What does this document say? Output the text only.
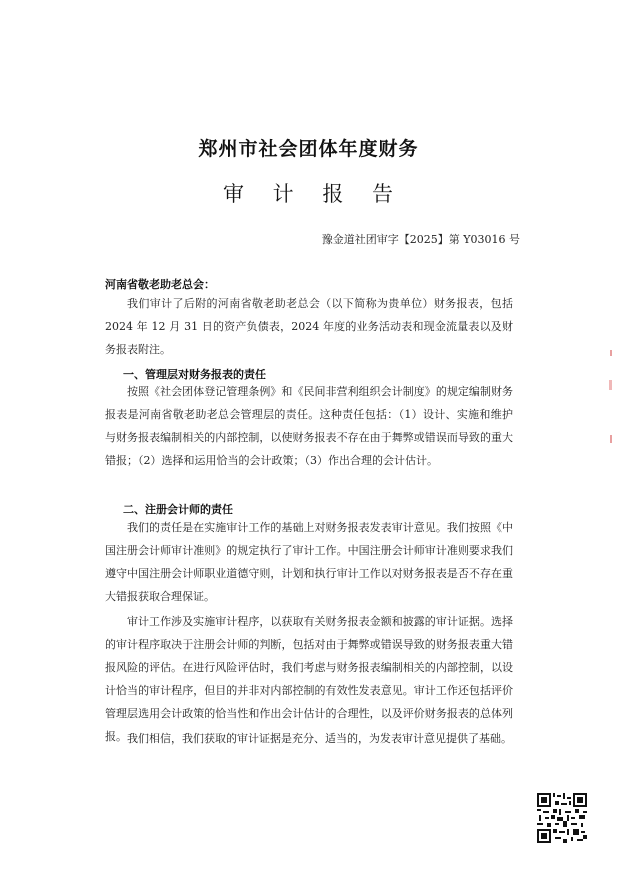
郑州市社会团体年度财务
审 计 报 告
豫金道社团审字【2025】第 Y03016 号
河南省敬老助老总会：

我们审计了后附的河南省敬老助老总会（以下简称为贵单位）财务报表，包括 2024 年 12 月 31 日的资产负债表，2024 年度的业务活动表和现金流量表以及财务报表附注。

一、管理层对财务报表的责任

按照《社会团体登记管理条例》和《民间非营利组织会计制度》的规定编制财务报表是河南省敬老助老总会管理层的责任。这种责任包括：（1）设计、实施和维护与财务报表编制相关的内部控制，以使财务报表不存在由于舞弊或错误而导致的重大错报；（2）选择和运用恰当的会计政策；（3）作出合理的会计估计。

二、注册会计师的责任

我们的责任是在实施审计工作的基础上对财务报表发表审计意见。我们按照《中国注册会计师审计准则》的规定执行了审计工作。中国注册会计师审计准则要求我们遵守中国注册会计师职业道德守则，计划和执行审计工作以对财务报表是否不存在重大错报获取合理保证。

审计工作涉及实施审计程序，以获取有关财务报表金额和披露的审计证据。选择的审计程序取决于注册会计师的判断，包括对由于舞弊或错误导致的财务报表重大错报风险的评估。在进行风险评估时，我们考虑与财务报表编制相关的内部控制，以设计恰当的审计程序，但目的并非对内部控制的有效性发表意见。审计工作还包括评价管理层选用会计政策的恰当性和作出会计估计的合理性，以及评价财务报表的总体列报。 我们相信，我们获取的审计证据是充分、适当的，为发表审计意见提供了基础。
